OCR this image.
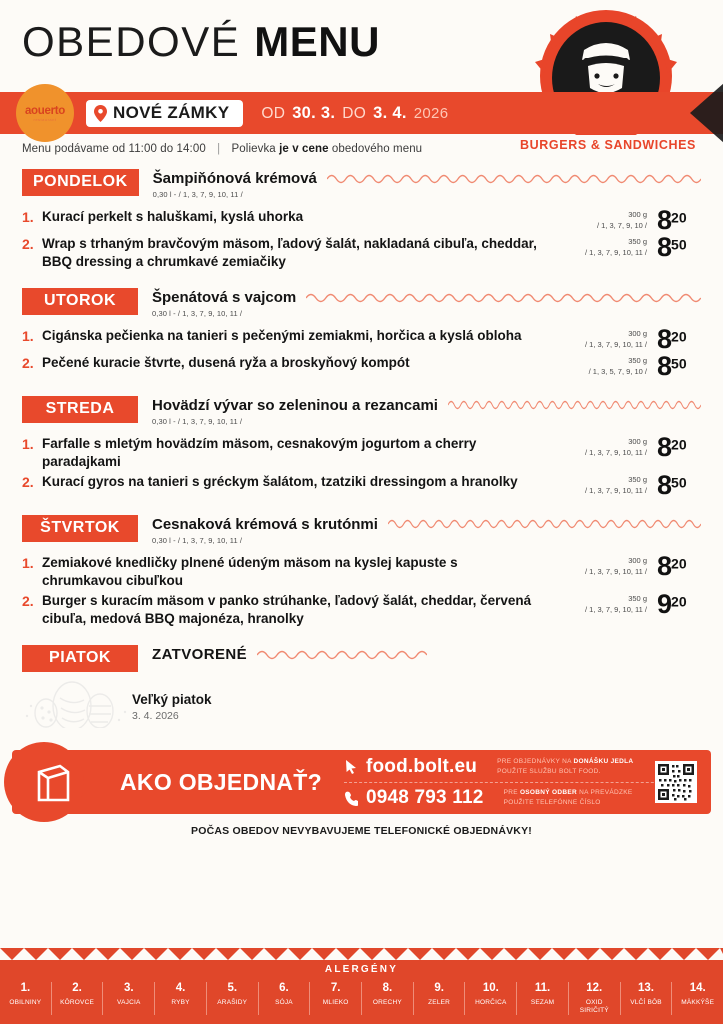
OBEDOVÉ MENU
BURGERS & SANDWICHES
aouerto
restaurant	NOVÉ ZÁMKY OD 30. 3. DO 3. 4. 2026
Menu podávame od 11:00 do 14:00 | Polievka je v cene obedového menu
PONDELOK	Šampiňónová krémová
0,30 l - / 1, 3, 7, 9, 10, 11 /
1. Kurací perkelt s haluškami, kyslá uhorka	300 g
/ 1, 3, 7, 9, 10 / 820
2. Wrap s trhaným bravčovým mäsom, ľadový šalát, nakladaná cibuľa, cheddar, BBQ dressing a chrumkavé zemiačiky
350 g
/ 1, 3, 7, 9, 10, 11 / 850
UTOROK	Špenátová s vajcom
0,30 l - / 1, 3, 7, 9, 10, 11 /
1. Cigánska pečienka na tanieri s pečenými zemiakmi, horčica a kyslá obloha	300 g
/ 1, 3, 7, 9, 10, 11 / 820
2. Pečené kuracie štvrte, dusená ryža a broskyňový kompót	350 g
/ 1, 3, 5, 7, 9, 10 / 850
STREDA	Hovädzí vývar so zeleninou a rezancami
0,30 l - / 1, 3, 7, 9, 10, 11 /
1. Farfalle s mletým hovädzím mäsom, cesnakovým jogurtom a cherry paradajkami
300 g
/ 1, 3, 7, 9, 10, 11 / 820
2. Kurací gyros na tanieri s gréckym šalátom, tzatziki dressingom a hranolky	350 g
/ 1, 3, 7, 9, 10, 11 / 850
ŠTVRTOK	Cesnaková krémová s krutónmi
0,30 l - / 1, 3, 7, 9, 10, 11 /
1. Zemiakové knedličky plnené údeným mäsom na kyslej kapuste s chrumkavou cibuľkou
300 g
/ 1, 3, 7, 9, 10, 11 / 820
2. Burger s kuracím mäsom v panko strúhanke, ľadový šalát, cheddar, červená cibuľa, medová BBQ majonéza, hranolky
350 g
/ 1, 3, 7, 9, 10, 11 / 920
PIATOK	ZATVORENÉ
Veľký piatok
3. 4. 2026
AKO OBJEDNAŤ?
food.bolt.eu	PRE OBJEDNÁVKY NA DONÁŠKU JEDLA
POUŽITE SLUŽBU BOLT FOOD.
0948 793 112	PRE OSOBNÝ ODBER NA PREVÁDZKE
POUŽITE TELEFÓNNE ČÍSLO
POČAS OBEDOV NEVYBAVUJEME TELEFONICKÉ OBJEDNÁVKY!
ALERGÉNY
1.
OBILNINY
2.
KÔROVCE
3.
VAJCIA
4.
RYBY
5.
ARAŠIDY
6.
SÓJA
7.
MLIEKO
8.
ORECHY
9.
ZELER
10.
HORČICA
11.
SEZAM
12.
OXID SIRIČITÝ
13.
VLČÍ BÔB
14.
MÄKKÝŠE
